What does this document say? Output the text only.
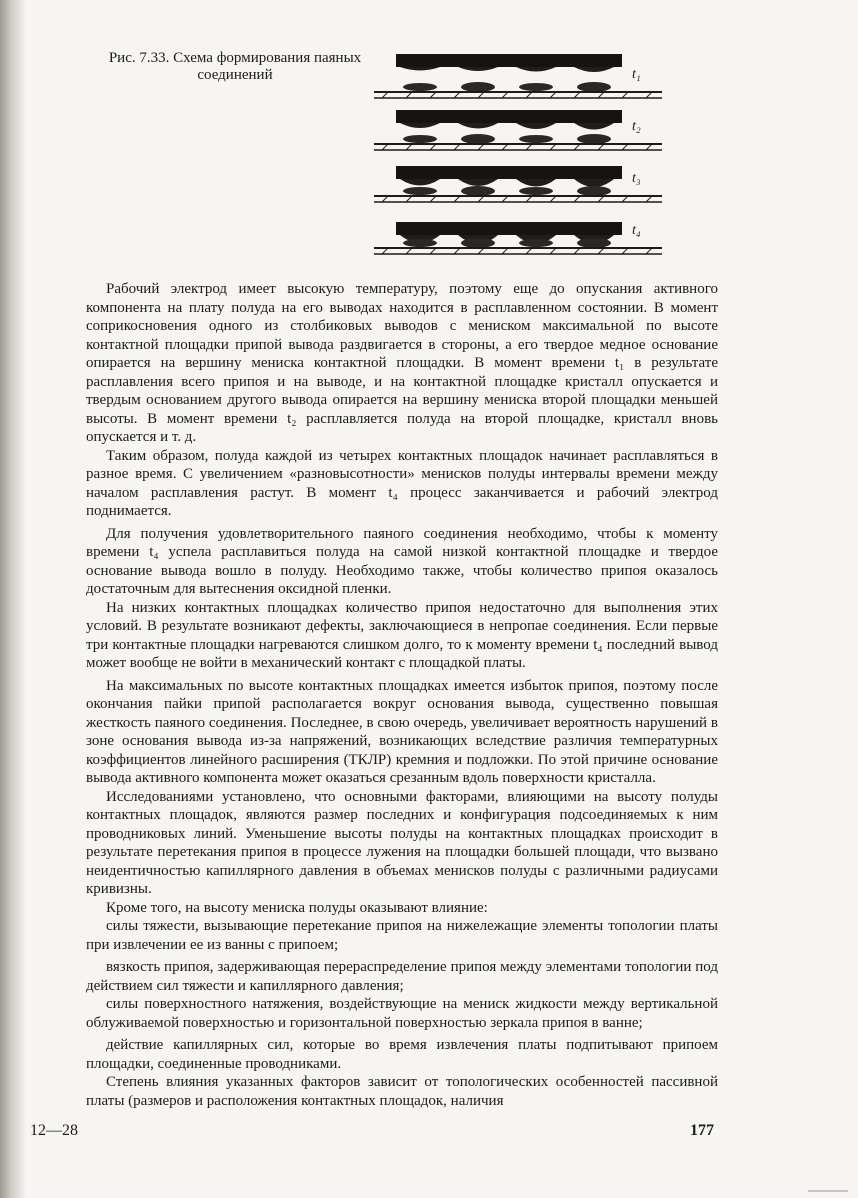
Рис. 7.33. Схема формирования паяных соединений	t₁
t₂
t₃
t₄

Рабочий электрод имеет высокую температуру, поэтому еще до опускания активного компонента на плату полуда на его выводах находится в расплавленном состоянии. В момент соприкосновения одного из столбиковых выводов с мениском максимальной по высоте контактной площадки припой вывода раздвигается в стороны, а его твердое медное основание опирается на вершину мениска контактной площадки. В момент времени t₁ в результате расплавления всего припоя и на выводе, и на контактной площадке кристалл опускается и твердым основанием другого вывода опирается на вершину мениска второй площадки меньшей высоты. В момент времени t₂ расплавляется полуда на второй площадке, кристалл вновь опускается и т. д.

Таким образом, полуда каждой из четырех контактных площадок начинает расплавляться в разное время. С увеличением «разновысотности» менисков полуды интервалы времени между началом расплавления растут. В момент t₄ процесс заканчивается и рабочий электрод поднимается.

Для получения удовлетворительного паяного соединения необходимо, чтобы к моменту времени t₄ успела расплавиться полуда на самой низкой контактной площадке и твердое основание вывода вошло в полуду. Необходимо также, чтобы количество припоя оказалось достаточным для вытеснения оксидной пленки.

На низких контактных площадках количество припоя недостаточно для выполнения этих условий. В результате возникают дефекты, заключающиеся в непропае соединения. Если первые три контактные площадки нагреваются слишком долго, то к моменту времени t₄ последний вывод может вообще не войти в механический контакт с площадкой платы.

На максимальных по высоте контактных площадках имеется избыток припоя, поэтому после окончания пайки припой располагается вокруг основания вывода, существенно повышая жесткость паяного соединения. Последнее, в свою очередь, увеличивает вероятность нарушений в зоне основания вывода из-за напряжений, возникающих вследствие различия температурных коэффициентов линейного расширения (ТКЛР) кремния и подложки. По этой причине основание вывода активного компонента может оказаться срезанным вдоль поверхности кристалла.

Исследованиями установлено, что основными факторами, влияющими на высоту полуды контактных площадок, являются размер последних и конфигурация подсоединяемых к ним проводниковых линий. Уменьшение высоты полуды на контактных площадках происходит в результате перетекания припоя в процессе лужения на площадки большей площади, что вызвано неидентичностью капиллярного давления в объемах менисков полуды с различными радиусами кривизны.

Кроме того, на высоту мениска полуды оказывают влияние:

силы тяжести, вызывающие перетекание припоя на нижележащие элементы топологии платы при извлечении ее из ванны с припоем;

вязкость припоя, задерживающая перераспределение припоя между элементами топологии под действием сил тяжести и капиллярного давления;

силы поверхностного натяжения, воздействующие на мениск жидкости между вертикальной облуживаемой поверхностью и горизонтальной поверхностью зеркала припоя в ванне;

действие капиллярных сил, которые во время извлечения платы подпитывают припоем площадки, соединенные проводниками.

Степень влияния указанных факторов зависит от топологических особенностей пассивной платы (размеров и расположения контактных площадок, наличия

12—28	177
